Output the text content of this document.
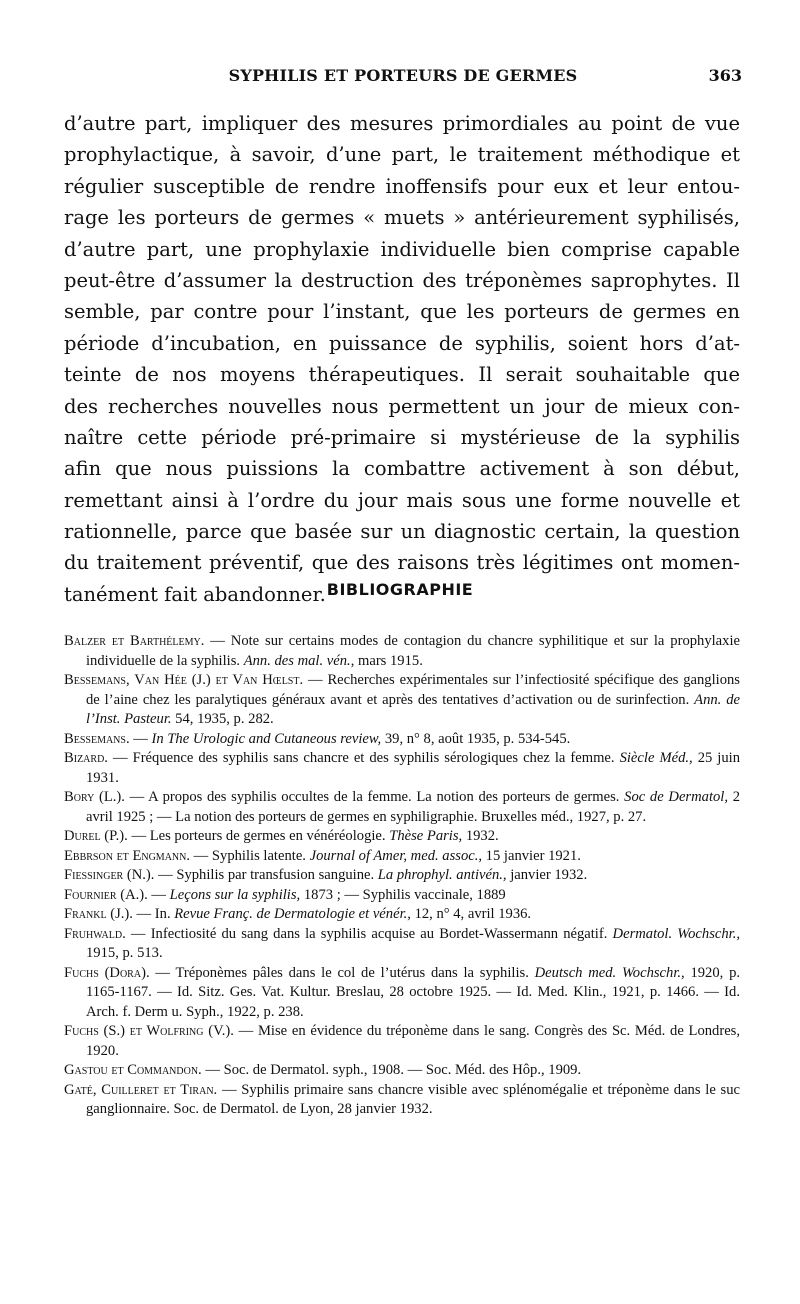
SYPHILIS ET PORTEURS DE GERMES	363
d’autre part, impliquer des mesures primordiales au point de vue
prophylactique, à savoir, d’une part, le traitement méthodique et
régulier susceptible de rendre inoffensifs pour eux et leur entou-
rage les porteurs de germes « muets » antérieurement syphilisés,
d’autre part, une prophylaxie individuelle bien comprise capable
peut-être d’assumer la destruction des tréponèmes saprophytes. Il
semble, par contre pour l’instant, que les porteurs de germes en
période d’incubation, en puissance de syphilis, soient hors d’at-
teinte de nos moyens thérapeutiques. Il serait souhaitable que
des recherches nouvelles nous permettent un jour de mieux con-
naître cette période pré-primaire si mystérieuse de la syphilis
afin que nous puissions la combattre activement à son début,
remettant ainsi à l’ordre du jour mais sous une forme nouvelle et
rationnelle, parce que basée sur un diagnostic certain, la question
du traitement préventif, que des raisons très légitimes ont momen-
tanément fait abandonner. BIBLIOGRAPHIE

Balzer et Barthélemy. — Note sur certains modes de contagion du chancre syphilitique et sur la prophylaxie individuelle de la syphilis. Ann. des mal. vén., mars 1915.

Bessemans, Van Hée (J.) et Van Hœlst. — Recherches expérimentales sur l’infectiosité spécifique des ganglions de l’aine chez les paralytiques généraux avant et après des tentatives d’activation ou de surinfection. Ann. de l’Inst. Pasteur. 54, 1935, p. 282.

Bessemans. — In The Urologic and Cutaneous review, 39, n° 8, août 1935, p. 534-545.

Bizard. — Fréquence des syphilis sans chancre et des syphilis sérologiques chez la femme. Siècle Méd., 25 juin 1931.

Bory (L.). — A propos des syphilis occultes de la femme. La notion des porteurs de germes. Soc de Dermatol, 2 avril 1925 ; — La notion des porteurs de germes en syphiligraphie. Bruxelles méd., 1927, p. 27.

Durel (P.). — Les porteurs de germes en vénéréologie. Thèse Paris, 1932.

Ebbrson et Engmann. — Syphilis latente. Journal of Amer, med. assoc., 15 janvier 1921.

Fiessinger (N.). — Syphilis par transfusion sanguine. La phrophyl. antivén., janvier 1932.

Fournier (A.). — Leçons sur la syphilis, 1873 ; — Syphilis vaccinale, 1889

Frankl (J.). — In. Revue Franç. de Dermatologie et vénér., 12, n° 4, avril 1936.

Fruhwald. — Infectiosité du sang dans la syphilis acquise au Bordet-Wassermann négatif. Dermatol. Wochschr., 1915, p. 513.

Fuchs (Dora). — Tréponèmes pâles dans le col de l’utérus dans la syphilis. Deutsch med. Wochschr., 1920, p. 1165-1167. — Id. Sitz. Ges. Vat. Kultur. Breslau, 28 octobre 1925. — Id. Med. Klin., 1921, p. 1466. — Id. Arch. f. Derm u. Syph., 1922, p. 238.

Fuchs (S.) et Wolfring (V.). — Mise en évidence du tréponème dans le sang. Congrès des Sc. Méd. de Londres, 1920.

Gastou et Commandon. — Soc. de Dermatol. syph., 1908. — Soc. Méd. des Hôp., 1909.

Gaté, Cuilleret et Tiran. — Syphilis primaire sans chancre visible avec splénomégalie et tréponème dans le suc ganglionnaire. Soc. de Dermatol. de Lyon, 28 janvier 1932.
